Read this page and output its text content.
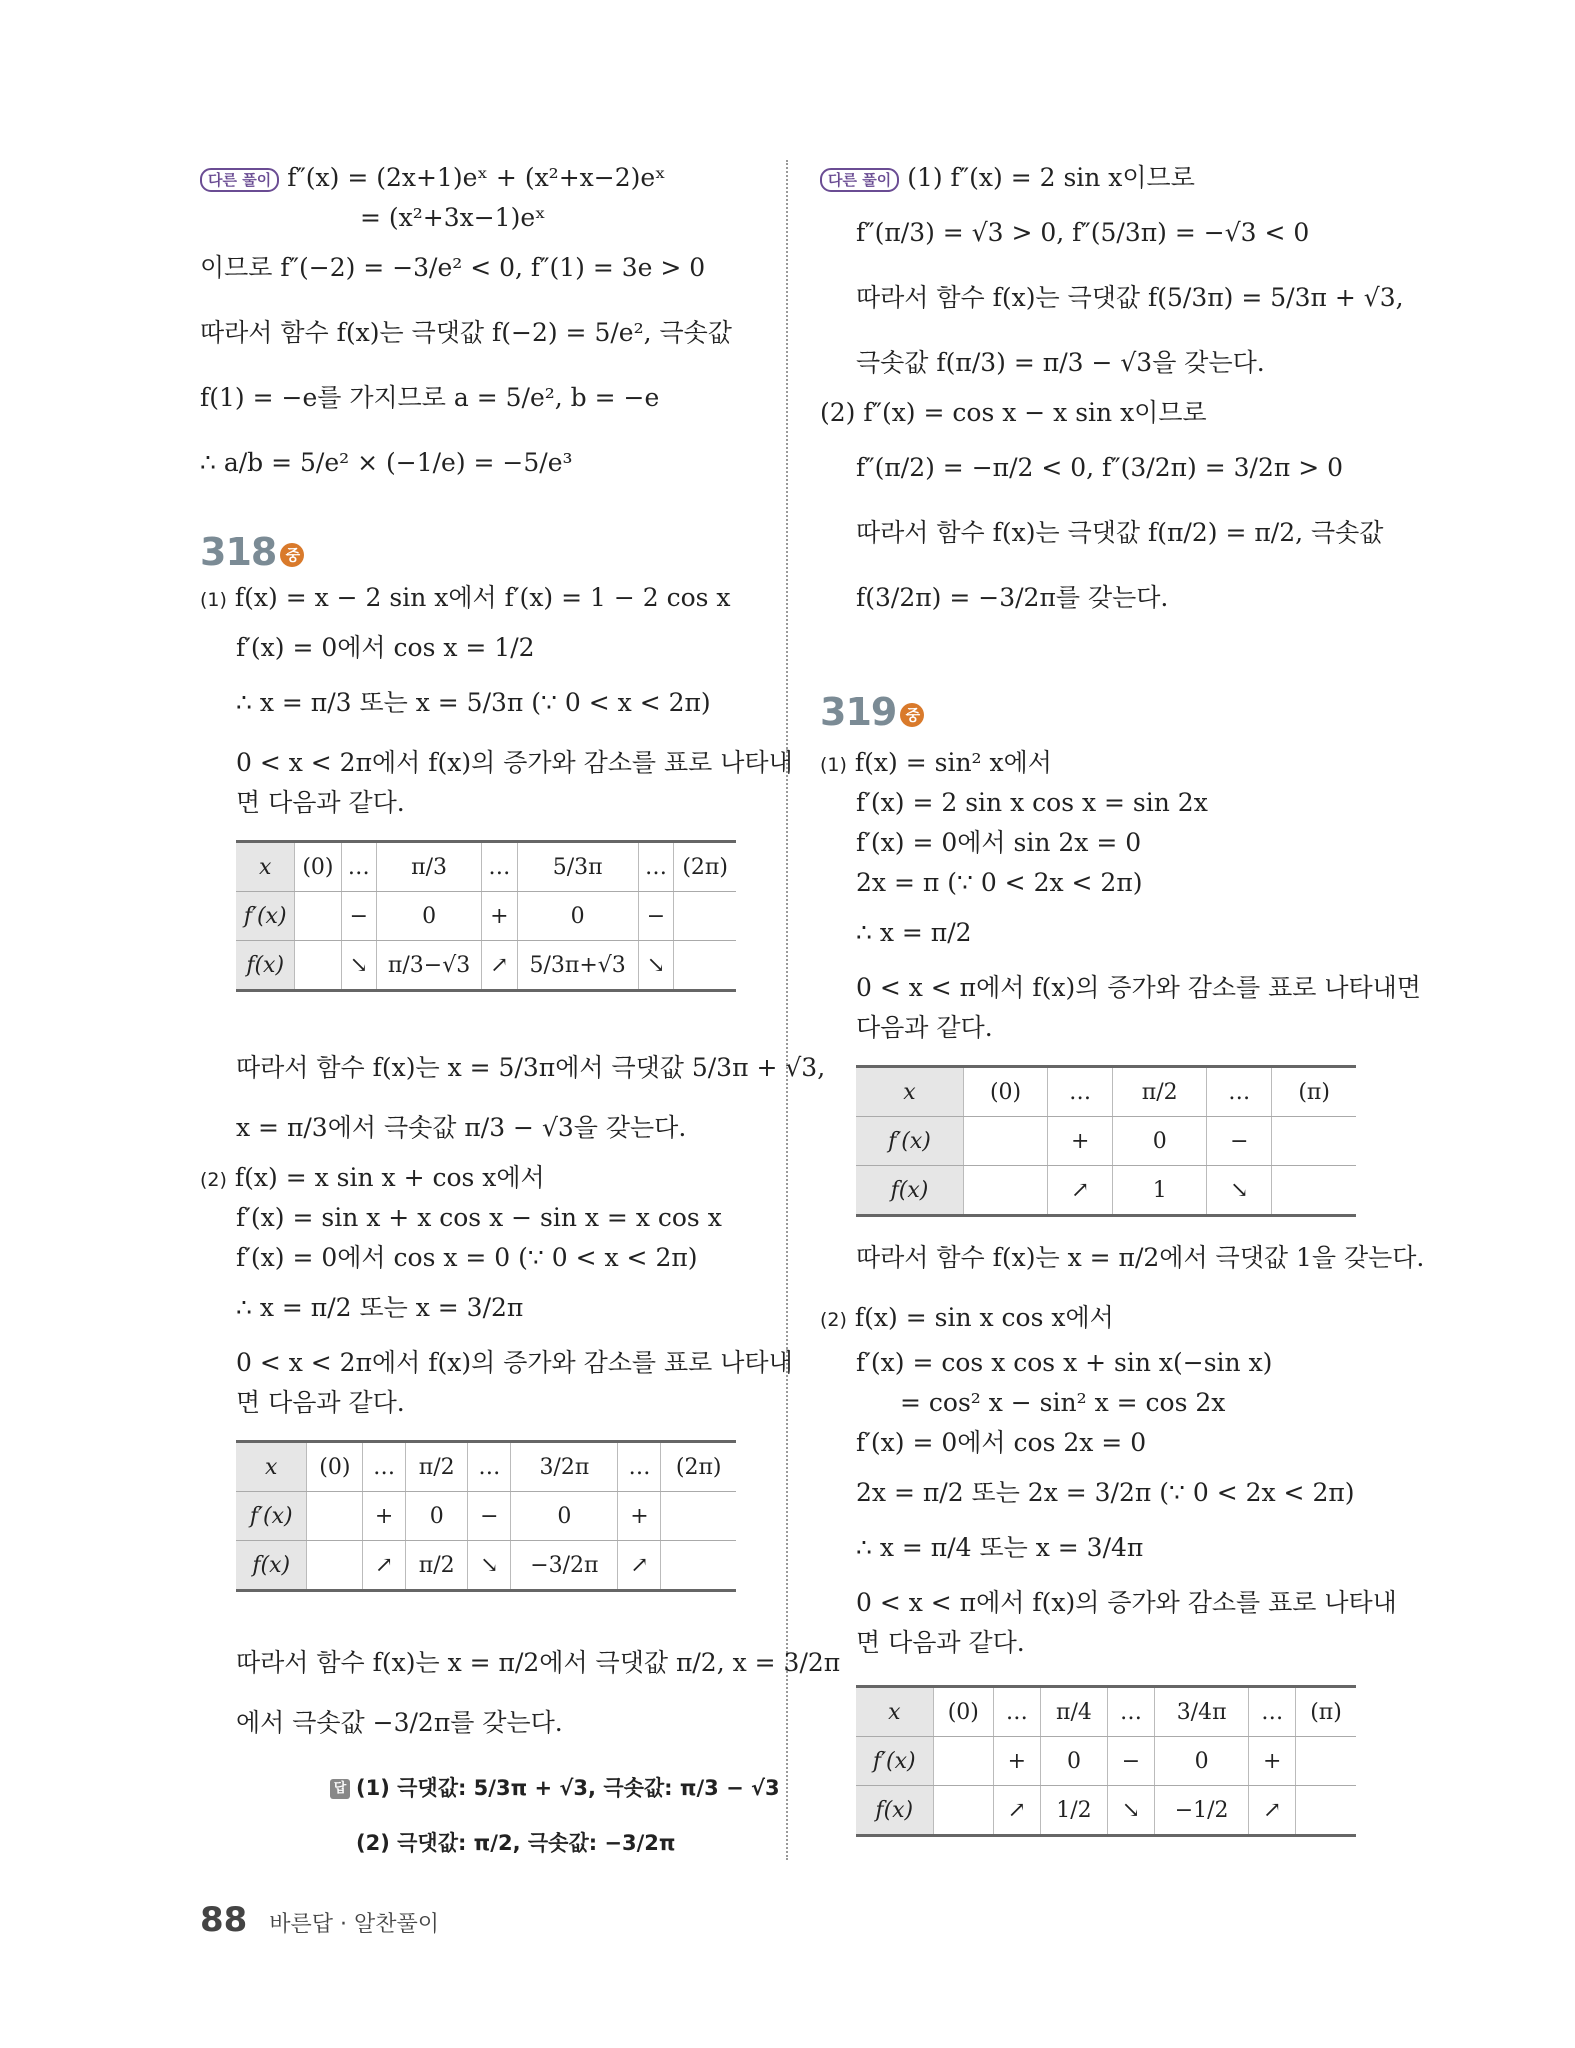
다른 풀이 f″(x) = (2x+1)eˣ + (x²+x−2)eˣ
= (x²+3x−1)eˣ
이므로 f″(−2) = −3/e² < 0, f″(1) = 3e > 0
따라서 함수 f(x)는 극댓값 f(−2) = 5/e², 극솟값
f(1) = −e를 가지므로 a = 5/e², b = −e
∴ a/b = 5/e² × (−1/e) = −5/e³
318 중
(1) f(x) = x − 2 sin x에서 f′(x) = 1 − 2 cos x
f′(x) = 0에서 cos x = 1/2
∴ x = π/3 또는 x = 5/3π (∵ 0 < x < 2π)
0 < x < 2π에서 f(x)의 증가와 감소를 표로 나타내
면 다음과 같다.
x	(0)	…	π/3	…	5/3π	…	(2π)
f′(x)		−	0	+	0	−	
f(x)		↘	π/3−√3	↗	5/3π+√3	↘	
따라서 함수 f(x)는 x = 5/3π에서 극댓값 5/3π + √3,
x = π/3에서 극솟값 π/3 − √3을 갖는다.
(2) f(x) = x sin x + cos x에서
f′(x) = sin x + x cos x − sin x = x cos x
f′(x) = 0에서 cos x = 0 (∵ 0 < x < 2π)
∴ x = π/2 또는 x = 3/2π
0 < x < 2π에서 f(x)의 증가와 감소를 표로 나타내
면 다음과 같다.
x	(0)	…	π/2	…	3/2π	…	(2π)
f′(x)		+	0	−	0	+	
f(x)		↗	π/2	↘	−3/2π	↗	
따라서 함수 f(x)는 x = π/2에서 극댓값 π/2, x = 3/2π
에서 극솟값 −3/2π를 갖는다.
답 (1) 극댓값: 5/3π + √3, 극솟값: π/3 − √3
(2) 극댓값: π/2, 극솟값: −3/2π
다른 풀이 (1) f″(x) = 2 sin x이므로
f″(π/3) = √3 > 0, f″(5/3π) = −√3 < 0
따라서 함수 f(x)는 극댓값 f(5/3π) = 5/3π + √3,
극솟값 f(π/3) = π/3 − √3을 갖는다.
(2) f″(x) = cos x − x sin x이므로
f″(π/2) = −π/2 < 0, f″(3/2π) = 3/2π > 0
따라서 함수 f(x)는 극댓값 f(π/2) = π/2, 극솟값
f(3/2π) = −3/2π를 갖는다.
319 중
(1) f(x) = sin² x에서
f′(x) = 2 sin x cos x = sin 2x
f′(x) = 0에서 sin 2x = 0
2x = π (∵ 0 < 2x < 2π)
∴ x = π/2
0 < x < π에서 f(x)의 증가와 감소를 표로 나타내면
다음과 같다.
x	(0)	…	π/2	…	(π)
f′(x)		+	0	−	
f(x)		↗	1	↘	
따라서 함수 f(x)는 x = π/2에서 극댓값 1을 갖는다.
(2) f(x) = sin x cos x에서
f′(x) = cos x cos x + sin x(−sin x)
= cos² x − sin² x = cos 2x
f′(x) = 0에서 cos 2x = 0
2x = π/2 또는 2x = 3/2π (∵ 0 < 2x < 2π)
∴ x = π/4 또는 x = 3/4π
0 < x < π에서 f(x)의 증가와 감소를 표로 나타내
면 다음과 같다.
x	(0)	…	π/4	…	3/4π	…	(π)
f′(x)		+	0	−	0	+	
f(x)		↗	1/2	↘	−1/2	↗	
88 바른답 · 알찬풀이
